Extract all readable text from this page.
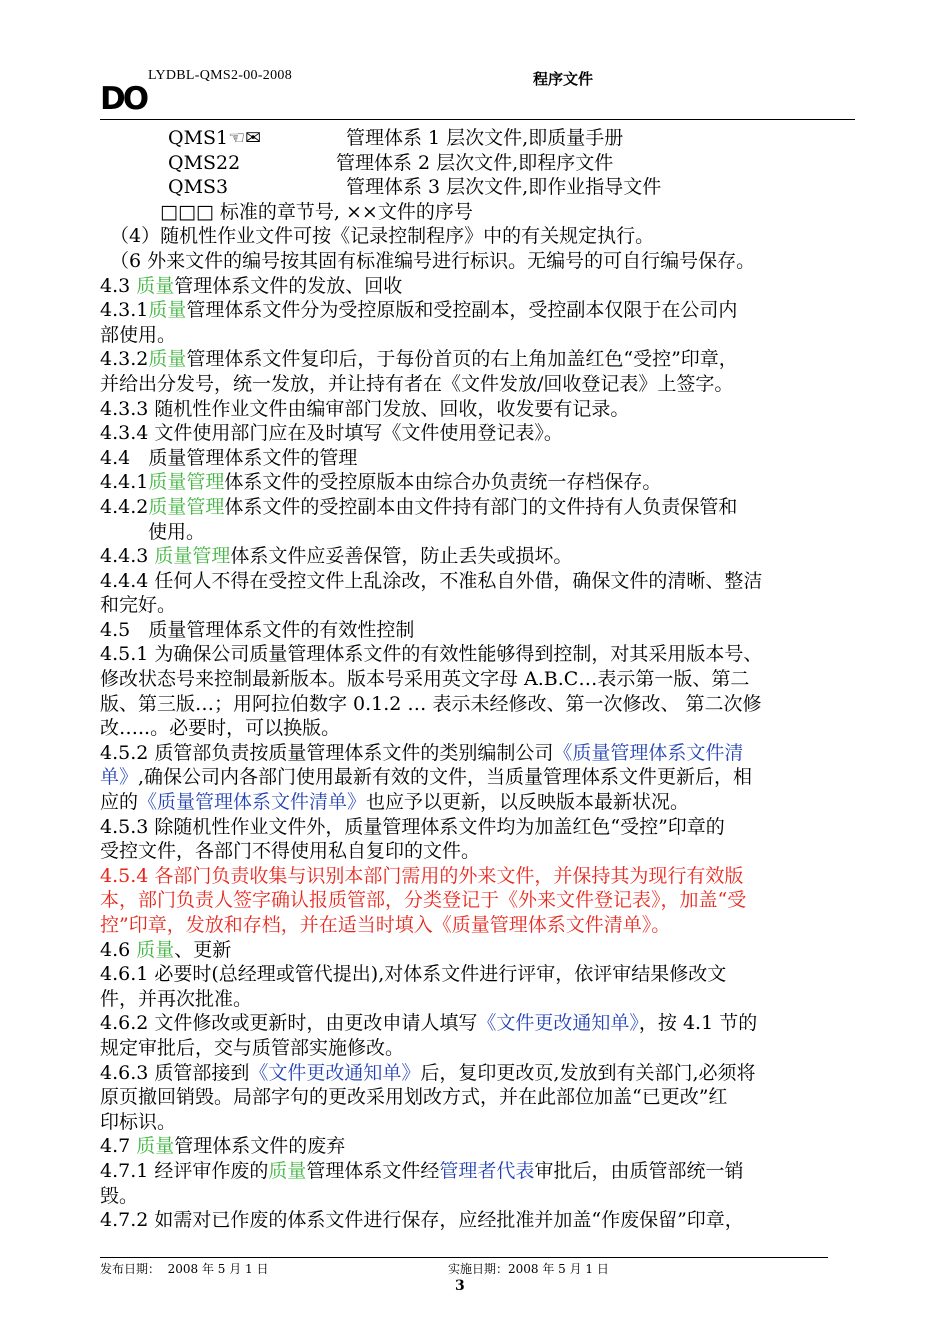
LYDBL-QMS2-00-2008	程序文件
DO
QMS1☜✉	管理体系 1 层次文件,即质量手册
QMS22	管理体系 2 层次文件,即程序文件
QMS3	管理体系 3 层次文件,即作业指导文件
□□□ 标准的章节号, ××文件的序号
（4）随机性作业文件可按《记录控制程序》中的有关规定执行。
（6 外来文件的编号按其固有标准编号进行标识。无编号的可自行编号保存。
4.3 质量管理体系文件的发放、回收
4.3.1质量管理体系文件分为受控原版和受控副本，受控副本仅限于在公司内
部使用。
4.3.2质量管理体系文件复印后，于每份首页的右上角加盖红色“受控”印章，
并给出分发号，统一发放，并让持有者在《文件发放/回收登记表》上签字。
4.3.3 随机性作业文件由编审部门发放、回收，收发要有记录。
4.3.4 文件使用部门应在及时填写《文件使用登记表》。
4.4   质量管理体系文件的管理
4.4.1质量管理体系文件的受控原版本由综合办负责统一存档保存。
4.4.2质量管理体系文件的受控副本由文件持有部门的文件持有人负责保管和
使用。
4.4.3 质量管理体系文件应妥善保管，防止丢失或损坏。
4.4.4 任何人不得在受控文件上乱涂改，不准私自外借，确保文件的清晰、整洁
和完好。
4.5   质量管理体系文件的有效性控制
4.5.1 为确保公司质量管理体系文件的有效性能够得到控制，对其采用版本号、
修改状态号来控制最新版本。版本号采用英文字母 A.B.C…表示第一版、第二
版、第三版…；用阿拉伯数字 0.1.2 … 表示未经修改、第一次修改、 第二次修
改…..。必要时，可以换版。
4.5.2 质管部负责按质量管理体系文件的类别编制公司《质量管理体系文件清
单》,确保公司内各部门使用最新有效的文件，当质量管理体系文件更新后，相
应的《质量管理体系文件清单》也应予以更新，以反映版本最新状况。
4.5.3 除随机性作业文件外，质量管理体系文件均为加盖红色“受控”印章的
受控文件，各部门不得使用私自复印的文件。
4.5.4 各部门负责收集与识别本部门需用的外来文件，并保持其为现行有效版
本，部门负责人签字确认报质管部，分类登记于《外来文件登记表》，加盖“受
控”印章，发放和存档，并在适当时填入《质量管理体系文件清单》。
4.6 质量、更新
4.6.1 必要时(总经理或管代提出),对体系文件进行评审，依评审结果修改文
件，并再次批准。
4.6.2 文件修改或更新时，由更改申请人填写《文件更改通知单》，按 4.1 节的
规定审批后，交与质管部实施修改。
4.6.3 质管部接到《文件更改通知单》后，复印更改页,发放到有关部门,必须将
原页撤回销毁。局部字句的更改采用划改方式，并在此部位加盖“已更改”红
印标识。
4.7 质量管理体系文件的废弃
4.7.1 经评审作废的质量管理体系文件经管理者代表审批后，由质管部统一销
毁。
4.7.2 如需对已作废的体系文件进行保存，应经批准并加盖“作废保留”印章，
发布日期：  2008 年 5 月 1 日	实施日期：2008 年 5 月 1 日
3
